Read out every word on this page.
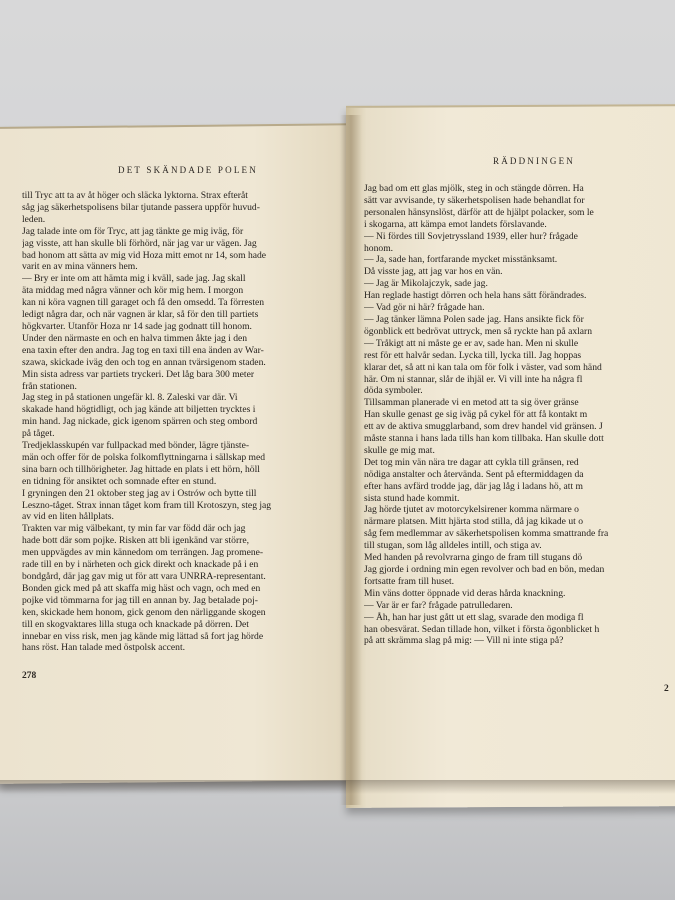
DET SKÄNDADE POLEN
RÄDDNINGEN
till Tryc att ta av åt höger och släcka lyktorna. Strax efteråt
såg jag säkerhetspolisens bilar tjutande passera uppför huvud-
leden.
Jag talade inte om för Tryc, att jag tänkte ge mig iväg, för
jag visste, att han skulle bli förhörd, när jag var ur vägen. Jag
bad honom att sätta av mig vid Hoza mitt emot nr 14, som hade
varit en av mina vänners hem.
— Bry er inte om att hämta mig i kväll, sade jag. Jag skall
äta middag med några vänner och kör mig hem. I morgon
kan ni köra vagnen till garaget och få den omsedd. Ta förresten
ledigt några dar, och när vagnen är klar, så för den till partiets
högkvarter. Utanför Hoza nr 14 sade jag godnatt till honom.
Under den närmaste en och en halva timmen åkte jag i den
ena taxin efter den andra. Jag tog en taxi till ena änden av War-
szawa, skickade iväg den och tog en annan tvärsigenom staden.
Min sista adress var partiets tryckeri. Det låg bara 300 meter
från stationen.
Jag steg in på stationen ungefär kl. 8. Zaleski var där. Vi
skakade hand högtidligt, och jag kände att biljetten trycktes i
min hand. Jag nickade, gick igenom spärren och steg ombord
på tåget.
Tredjeklasskupén var fullpackad med bönder, lägre tjänste-
män och offer för de polska folkomflyttningarna i sällskap med
sina barn och tillhörigheter. Jag hittade en plats i ett hörn, höll
en tidning för ansiktet och somnade efter en stund.
I gryningen den 21 oktober steg jag av i Ostrów och bytte till
Leszno-tåget. Strax innan tåget kom fram till Krotoszyn, steg jag
av vid en liten hållplats.
Trakten var mig välbekant, ty min far var född där och jag
hade bott där som pojke. Risken att bli igenkänd var större,
men uppvägdes av min kännedom om terrängen. Jag promene-
rade till en by i närheten och gick direkt och knackade på i en
bondgård, där jag gav mig ut för att vara UNRRA-representant.
Bonden gick med på att skaffa mig häst och vagn, och med en
pojke vid tömmarna for jag till en annan by. Jag betalade poj-
ken, skickade hem honom, gick genom den närliggande skogen
till en skogvaktares lilla stuga och knackade på dörren. Det
innebar en viss risk, men jag kände mig lättad så fort jag hörde
hans röst. Han talade med östpolsk accent.
Jag bad om ett glas mjölk, steg in och stängde dörren. Ha
sätt var avvisande, ty säkerhetspolisen hade behandlat for
personalen hänsynslöst, därför att de hjälpt polacker, som le
i skogarna, att kämpa emot landets förslavande.
— Ni fördes till Sovjetryssland 1939, eller hur? frågade
honom.
— Ja, sade han, fortfarande mycket misstänksamt.
Då visste jag, att jag var hos en vän.
— Jag är Mikolajczyk, sade jag.
Han reglade hastigt dörren och hela hans sätt förändrades.
— Vad gör ni här? frågade han.
— Jag tänker lämna Polen sade jag. Hans ansikte fick för
ögonblick ett bedrövat uttryck, men så ryckte han på axlarn
— Tråkigt att ni måste ge er av, sade han. Men ni skulle
rest för ett halvår sedan. Lycka till, lycka till. Jag hoppas
klarar det, så att ni kan tala om för folk i väster, vad som händ
här. Om ni stannar, slår de ihjäl er. Vi vill inte ha några fl
döda symboler.
Tillsamman planerade vi en metod att ta sig över gränse
Han skulle genast ge sig iväg på cykel för att få kontakt m
ett av de aktiva smugglarband, som drev handel vid gränsen. J
måste stanna i hans lada tills han kom tillbaka. Han skulle dott
skulle ge mig mat.
Det tog min vän nära tre dagar att cykla till gränsen, red
nödiga anstalter och återvända. Sent på eftermiddagen da
efter hans avfärd trodde jag, där jag låg i ladans hö, att m
sista stund hade kommit.
Jag hörde tjutet av motorcykelsirener komma närmare o
närmare platsen. Mitt hjärta stod stilla, då jag kikade ut o
såg fem medlemmar av säkerhetspolisen komma smattrande fra
till stugan, som låg alldeles intill, och stiga av.
Med handen på revolvrarna gingo de fram till stugans dö
Jag gjorde i ordning min egen revolver och bad en bön, medan
fortsatte fram till huset.
Min väns dotter öppnade vid deras hårda knackning.
— Var är er far? frågade patrulledaren.
— Åh, han har just gått ut ett slag, svarade den modiga fl
han obesvärat. Sedan tillade hon, vilket i första ögonblicket h
på att skrämma slag på mig: — Vill ni inte stiga på?
278
2
